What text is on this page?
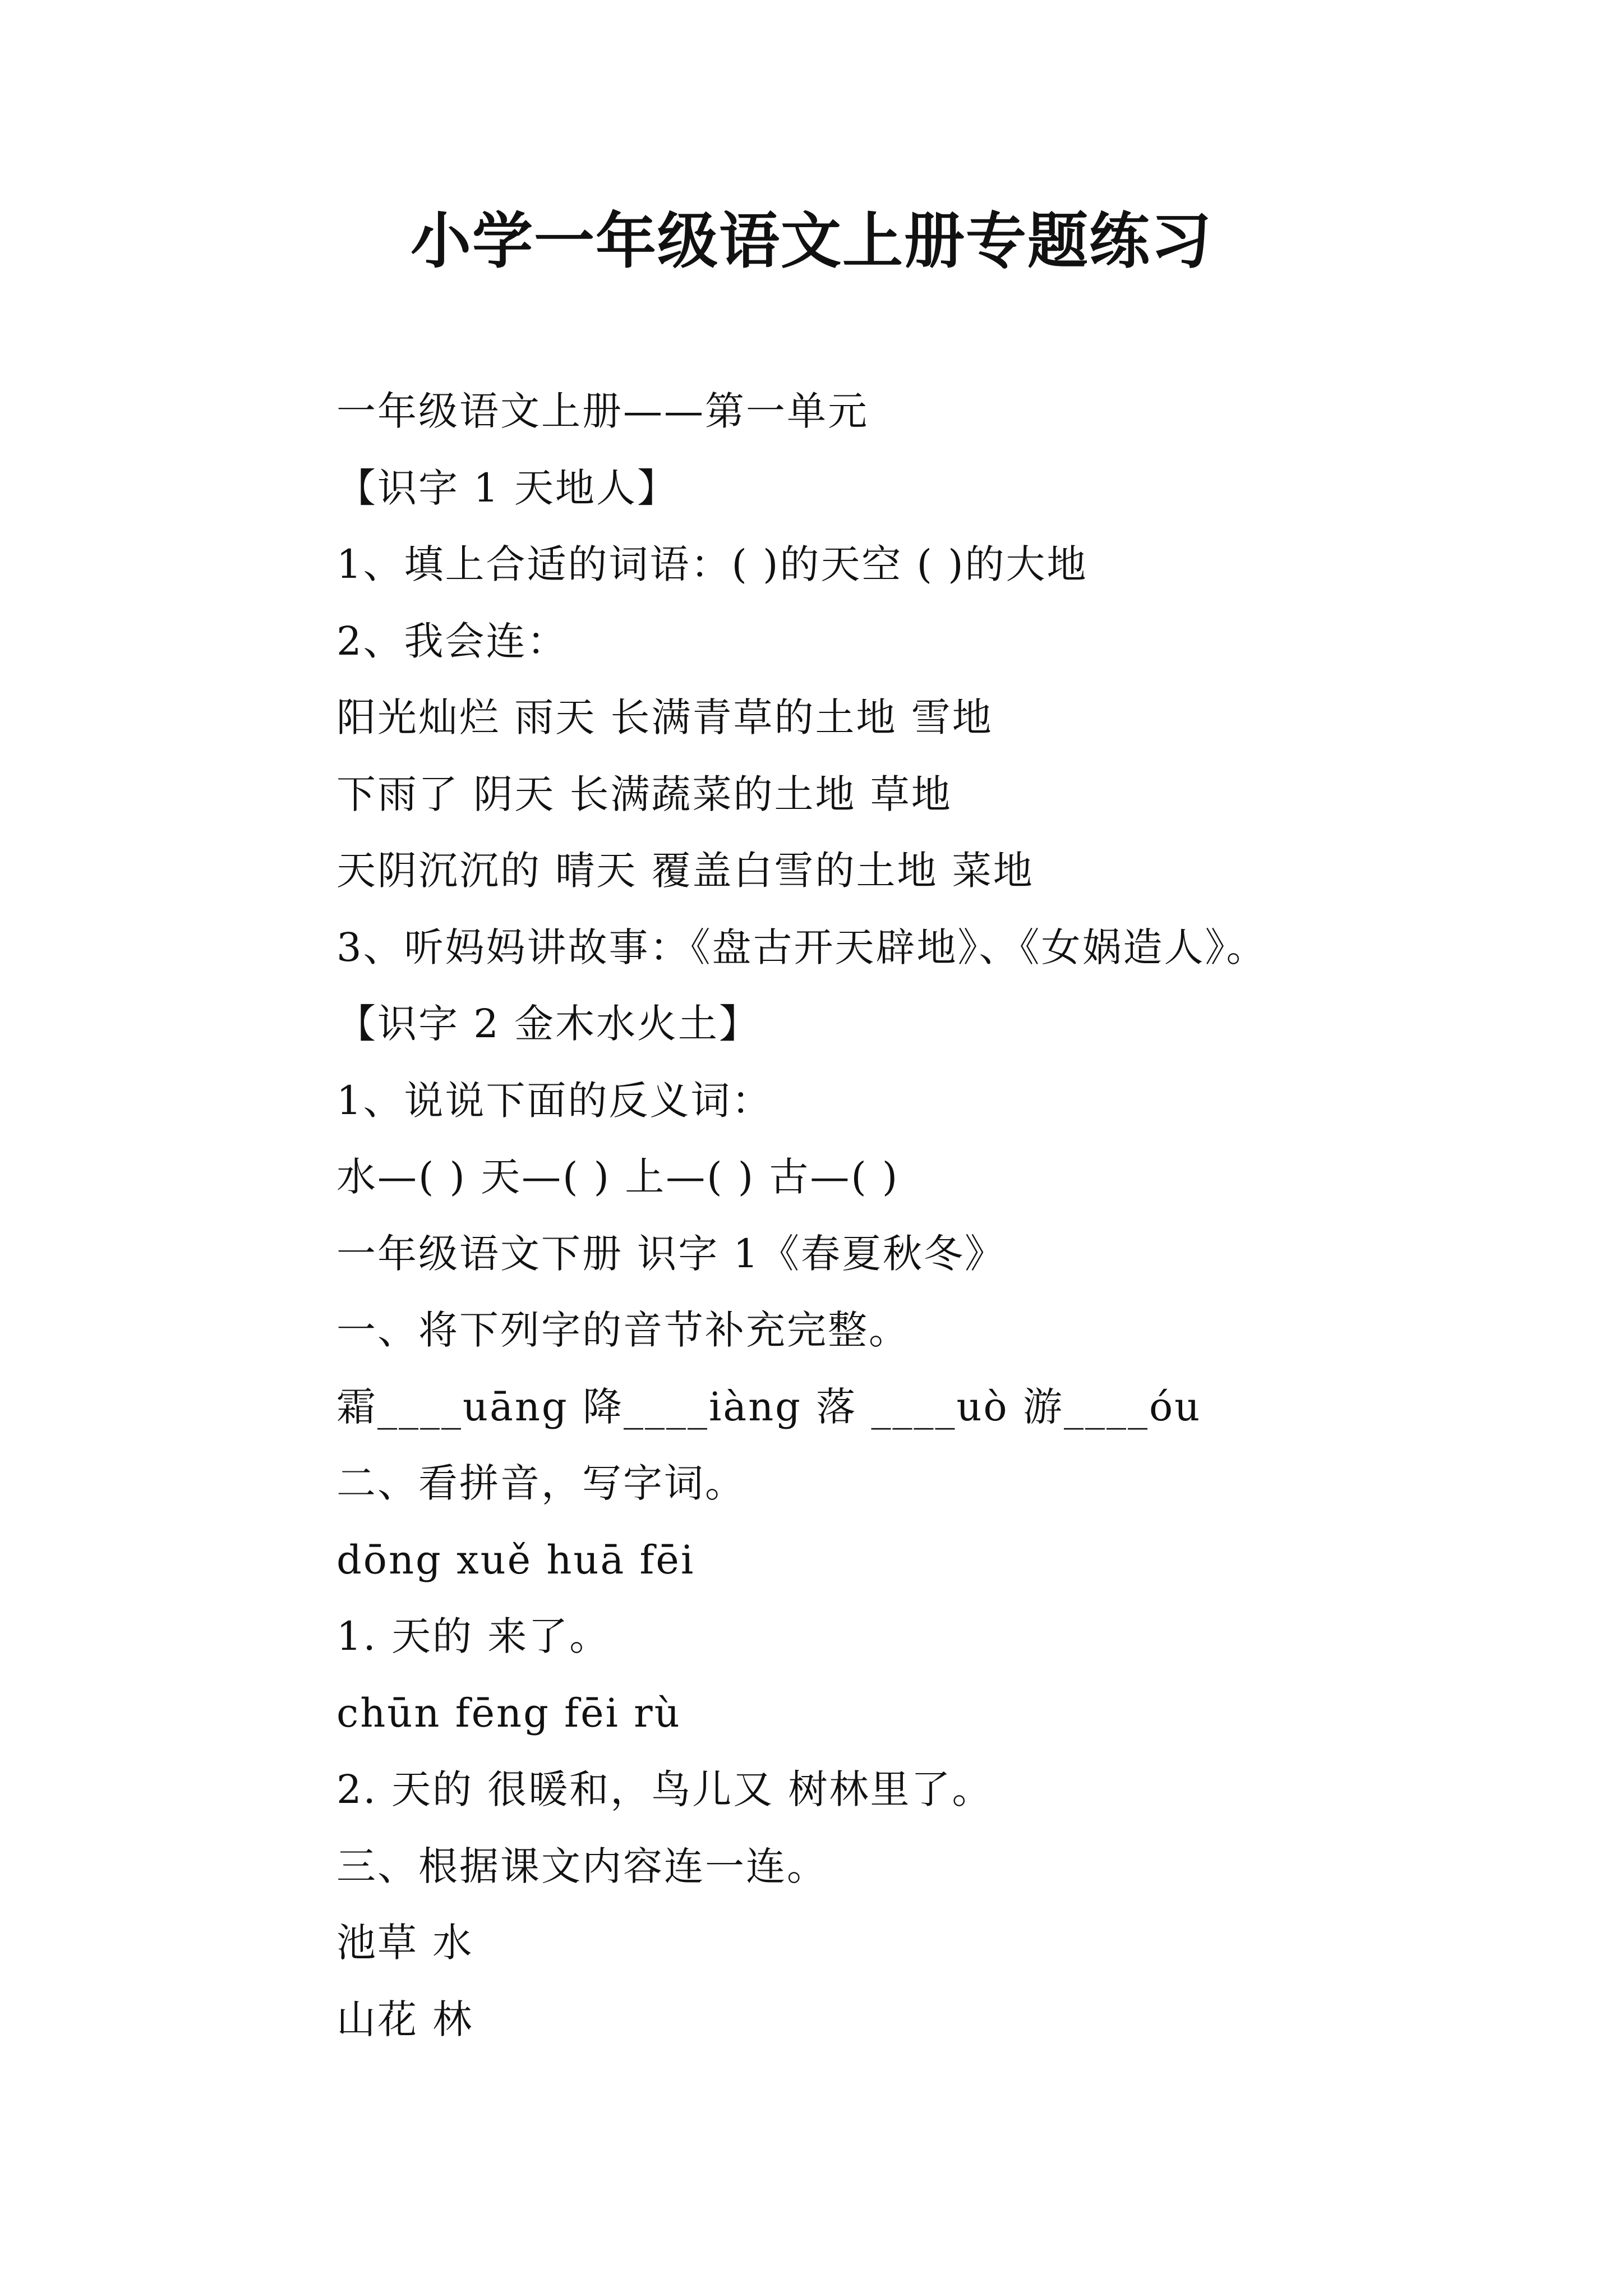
小学一年级语文上册专题练习
一年级语文上册——第一单元
【识字 1 天地人】
1、填上合适的词语：( )的天空 ( )的大地
2、我会连：
阳光灿烂 雨天 长满青草的土地 雪地
下雨了 阴天 长满蔬菜的土地 草地
天阴沉沉的 晴天 覆盖白雪的土地 菜地
3、听妈妈讲故事：《盘古开天辟地》、《女娲造人》。
【识字 2 金木水火土】
1、说说下面的反义词：
水—( ) 天—( ) 上—( ) 古—( )
一年级语文下册 识字 1《春夏秋冬》
一、将下列字的音节补充完整。
霜____uāng 降____iàng 落 ____uò 游____óu
二、看拼音，写字词。
dōng xuě huā fēi
1. 天的 来了。
chūn fēng fēi rù
2. 天的 很暖和，鸟儿又 树林里了。
三、根据课文内容连一连。
池草 水
山花 林
